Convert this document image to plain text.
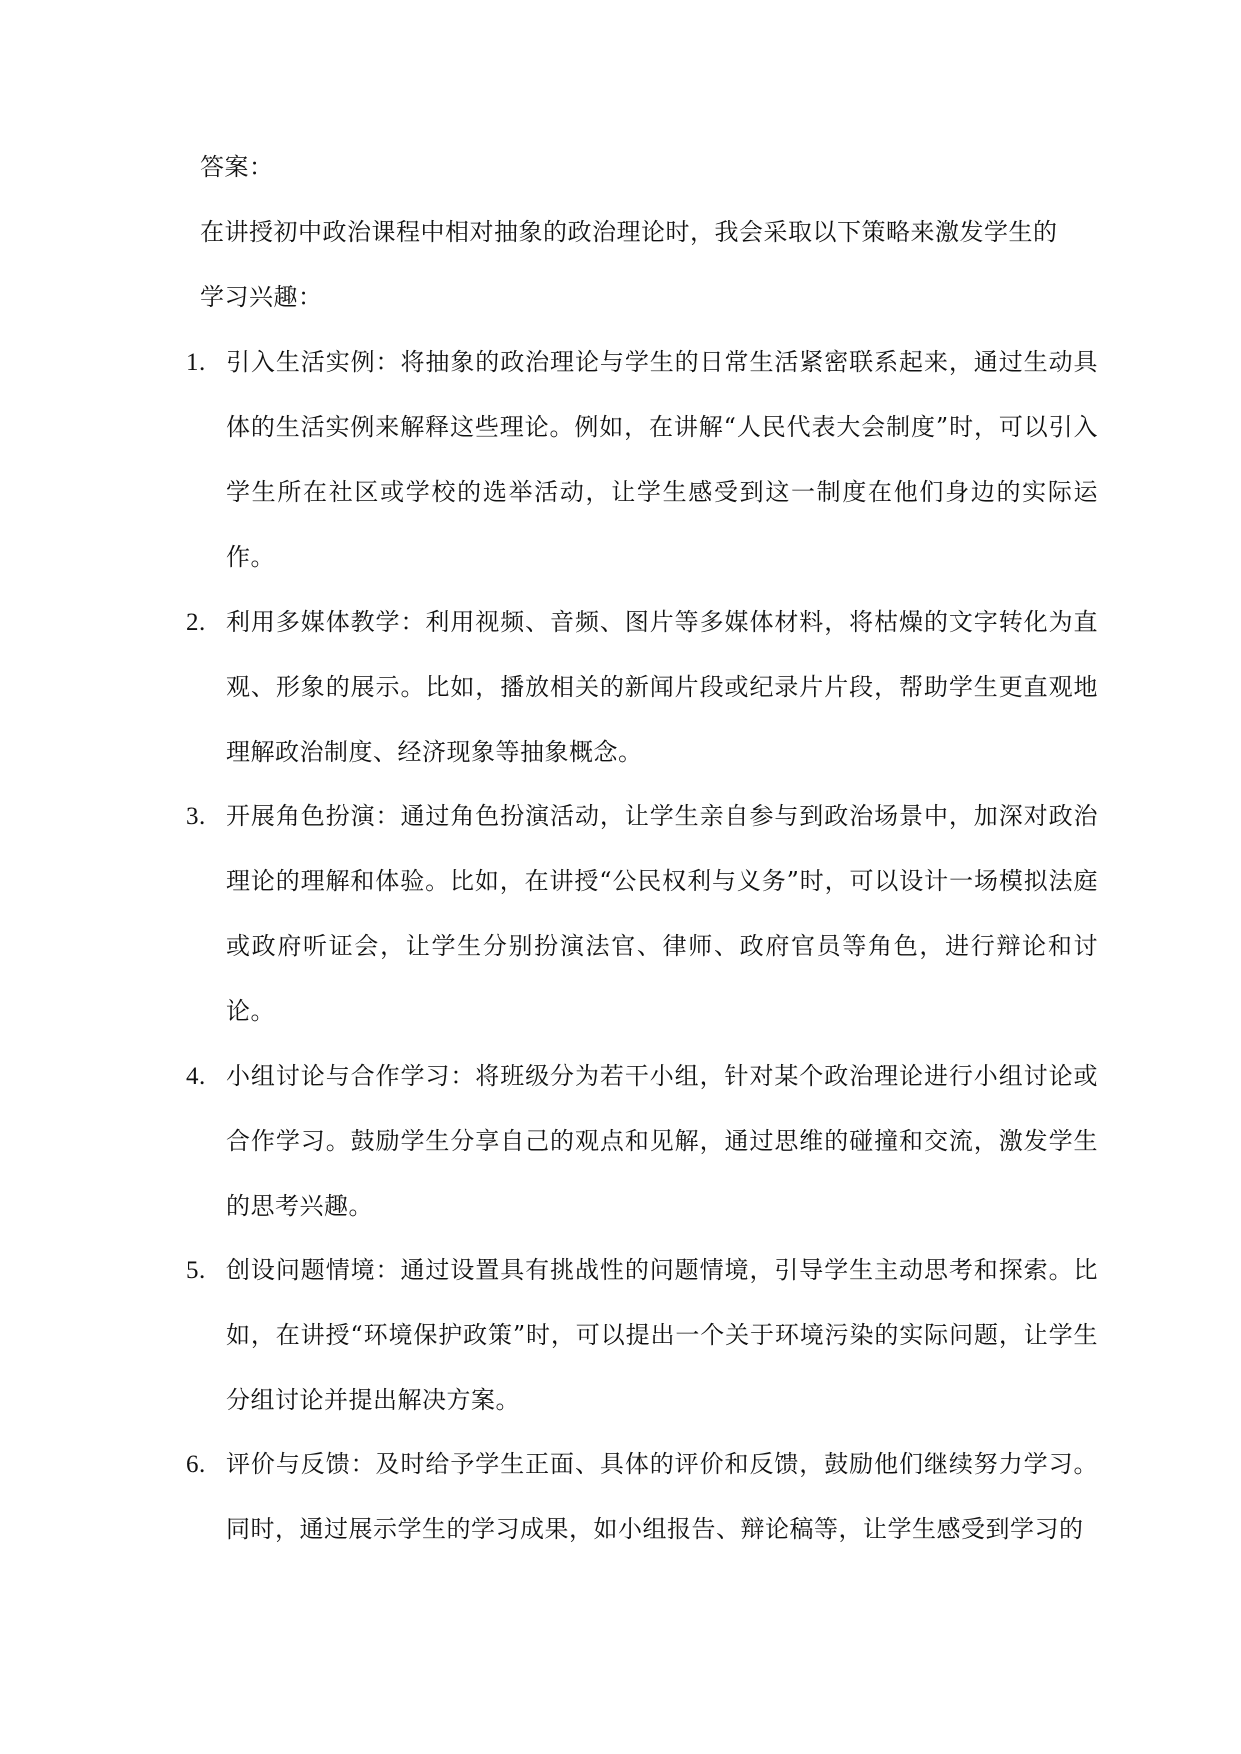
答案：

在讲授初中政治课程中相对抽象的政治理论时，我会采取以下策略来激发学生的学习兴趣：

1. 引入生活实例：将抽象的政治理论与学生的日常生活紧密联系起来，通过生动具体的生活实例来解释这些理论。例如，在讲解“人民代表大会制度”时，可以引入学生所在社区或学校的选举活动，让学生感受到这一制度在他们身边的实际运作。
2. 利用多媒体教学：利用视频、音频、图片等多媒体材料，将枯燥的文字转化为直观、形象的展示。比如，播放相关的新闻片段或纪录片片段，帮助学生更直观地理解政治制度、经济现象等抽象概念。
3. 开展角色扮演：通过角色扮演活动，让学生亲自参与到政治场景中，加深对政治理论的理解和体验。比如，在讲授“公民权利与义务”时，可以设计一场模拟法庭或政府听证会，让学生分别扮演法官、律师、政府官员等角色，进行辩论和讨论。
4. 小组讨论与合作学习：将班级分为若干小组，针对某个政治理论进行小组讨论或合作学习。鼓励学生分享自己的观点和见解，通过思维的碰撞和交流，激发学生的思考兴趣。
5. 创设问题情境：通过设置具有挑战性的问题情境，引导学生主动思考和探索。比如，在讲授“环境保护政策”时，可以提出一个关于环境污染的实际问题，让学生分组讨论并提出解决方案。
6. 评价与反馈：及时给予学生正面、具体的评价和反馈，鼓励他们继续努力学习。同时，通过展示学生的学习成果，如小组报告、辩论稿等，让学生感受到学习的
